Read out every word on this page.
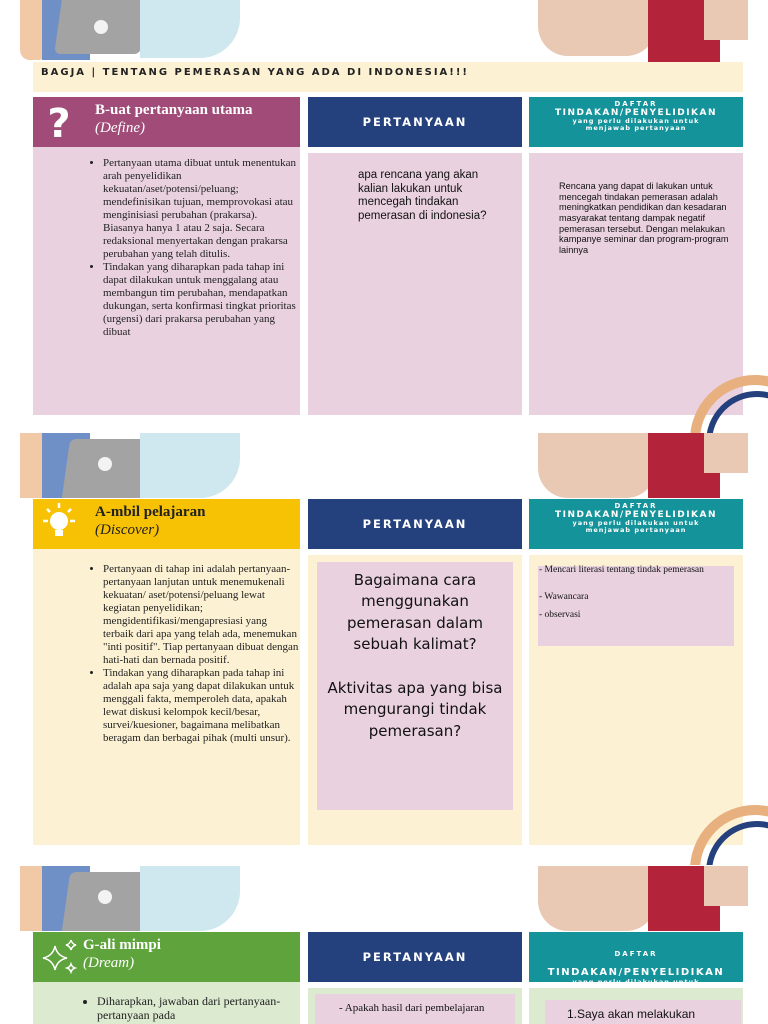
BAGJA | TENTANG PEMERASAN YANG ADA DI INDONESIA!!!
? B-uat pertanyaan utama
(Define)
• Pertanyaan utama dibuat untuk menentukan arah penyelidikan kekuatan/aset/potensi/peluang; mendefinisikan tujuan, memprovokasi atau menginisiasi perubahan (prakarsa). Biasanya hanya 1 atau 2 saja. Secara redaksional menyertakan dengan prakarsa perubahan yang telah ditulis.
• Tindakan yang diharapkan pada tahap ini dapat dilakukan untuk menggalang atau membangun tim perubahan, mendapatkan dukungan, serta konfirmasi tingkat prioritas (urgensi) dari prakarsa perubahan yang dibuat
PERTANYAAN
apa rencana yang akan kalian lakukan untuk mencegah tindakan pemerasan di indonesia?
DAFTAR
TINDAKAN/PENYELIDIKAN
yang perlu dilakukan untuk menjawab pertanyaan
Rencana yang dapat di lakukan untuk mencegah tindakan pemerasan adalah meningkatkan pendidikan dan kesadaran masyarakat tentang dampak negatif pemerasan tersebut. Dengan melakukan kampanye seminar dan program-program lainnya
A-mbil pelajaran
(Discover)
• Pertanyaan di tahap ini adalah pertanyaan-pertanyaan lanjutan untuk menemukenali kekuatan/ aset/potensi/peluang lewat kegiatan penyelidikan; mengidentifikasi/mengapresiasi yang terbaik dari apa yang telah ada, menemukan "inti positif". Tiap pertanyaan dibuat dengan hati-hati dan bernada positif.
• Tindakan yang diharapkan pada tahap ini adalah apa saja yang dapat dilakukan untuk menggali fakta, memperoleh data, apakah lewat diskusi kelompok kecil/besar, survei/kuesioner, bagaimana melibatkan beragam dan berbagai pihak (multi unsur).
PERTANYAAN
Bagaimana cara menggunakan pemerasan dalam sebuah kalimat?
Aktivitas apa yang bisa mengurangi tindak pemerasan?
DAFTAR
TINDAKAN/PENYELIDIKAN
yang perlu dilakukan untuk menjawab pertanyaan
- Mencari literasi tentang tindak pemerasan
- Wawancara
- observasi
G-ali mimpi
(Dream)
• Diharapkan, jawaban dari pertanyaan-pertanyaan pada
PERTANYAAN
- Apakah hasil dari pembelajaran
DAFTAR TINDAKAN/PENYELIDIKAN
yang perlu dilakukan untuk
1.Saya akan melakukan
